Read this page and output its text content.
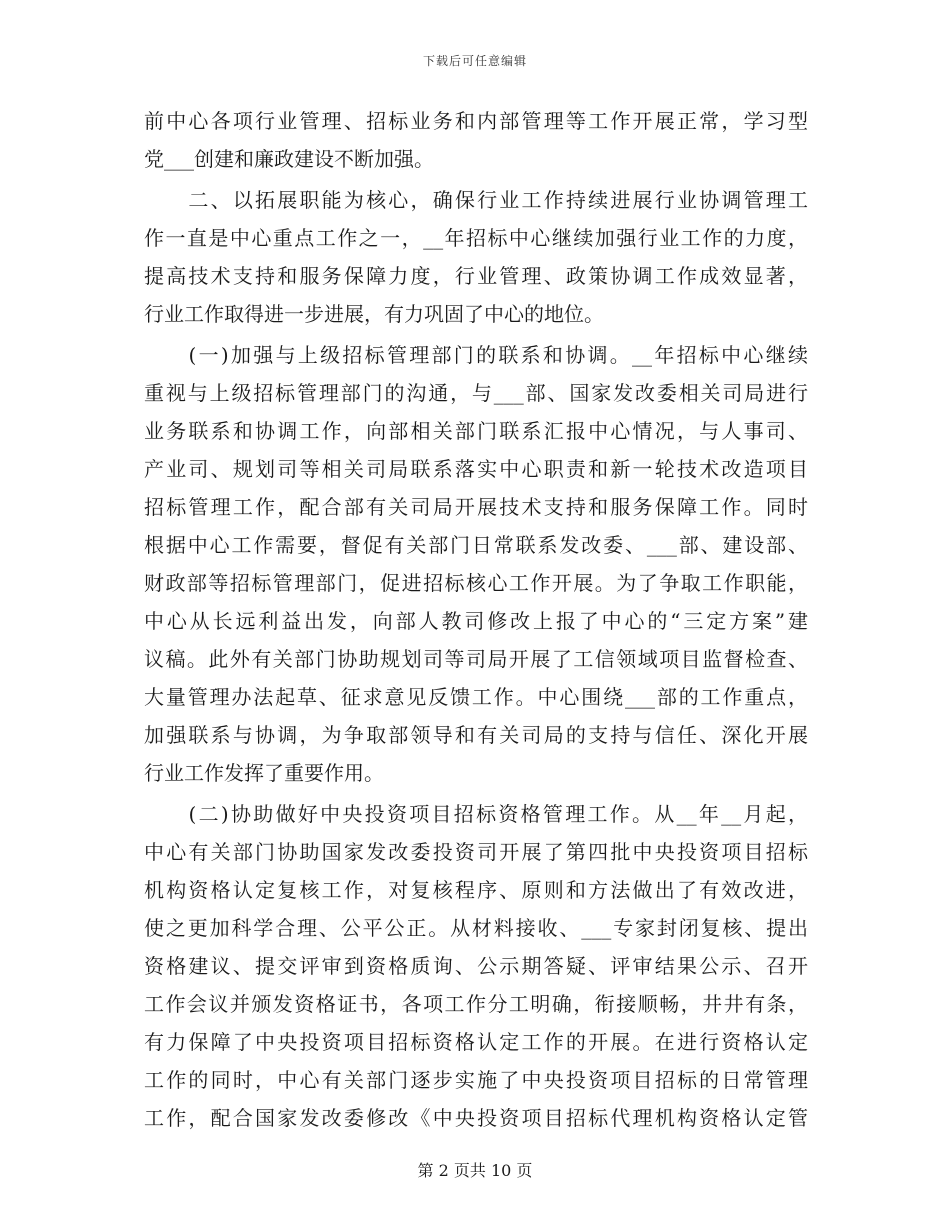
下载后可任意编辑
前中心各项行业管理、招标业务和内部管理等工作开展正常，学习型
党___创建和廉政建设不断加强。
　　二、以拓展职能为核心，确保行业工作持续进展行业协调管理工
作一直是中心重点工作之一，__年招标中心继续加强行业工作的力度，
提高技术支持和服务保障力度，行业管理、政策协调工作成效显著，
行业工作取得进一步进展，有力巩固了中心的地位。
　　(一)加强与上级招标管理部门的联系和协调。__年招标中心继续
重视与上级招标管理部门的沟通，与___部、国家发改委相关司局进行
业务联系和协调工作，向部相关部门联系汇报中心情况，与人事司、
产业司、规划司等相关司局联系落实中心职责和新一轮技术改造项目
招标管理工作，配合部有关司局开展技术支持和服务保障工作。同时
根据中心工作需要，督促有关部门日常联系发改委、___部、建设部、
财政部等招标管理部门，促进招标核心工作开展。为了争取工作职能，
中心从长远利益出发，向部人教司修改上报了中心的“三定方案”建
议稿。此外有关部门协助规划司等司局开展了工信领域项目监督检查、
大量管理办法起草、征求意见反馈工作。中心围绕___部的工作重点，
加强联系与协调，为争取部领导和有关司局的支持与信任、深化开展
行业工作发挥了重要作用。
　　(二)协助做好中央投资项目招标资格管理工作。从__年__月起，
中心有关部门协助国家发改委投资司开展了第四批中央投资项目招标
机构资格认定复核工作，对复核程序、原则和方法做出了有效改进，
使之更加科学合理、公平公正。从材料接收、___专家封闭复核、提出
资格建议、提交评审到资格质询、公示期答疑、评审结果公示、召开
工作会议并颁发资格证书，各项工作分工明确，衔接顺畅，井井有条，
有力保障了中央投资项目招标资格认定工作的开展。在进行资格认定
工作的同时，中心有关部门逐步实施了中央投资项目招标的日常管理
工作，配合国家发改委修改《中央投资项目招标代理机构资格认定管
第 2 页共 10 页
